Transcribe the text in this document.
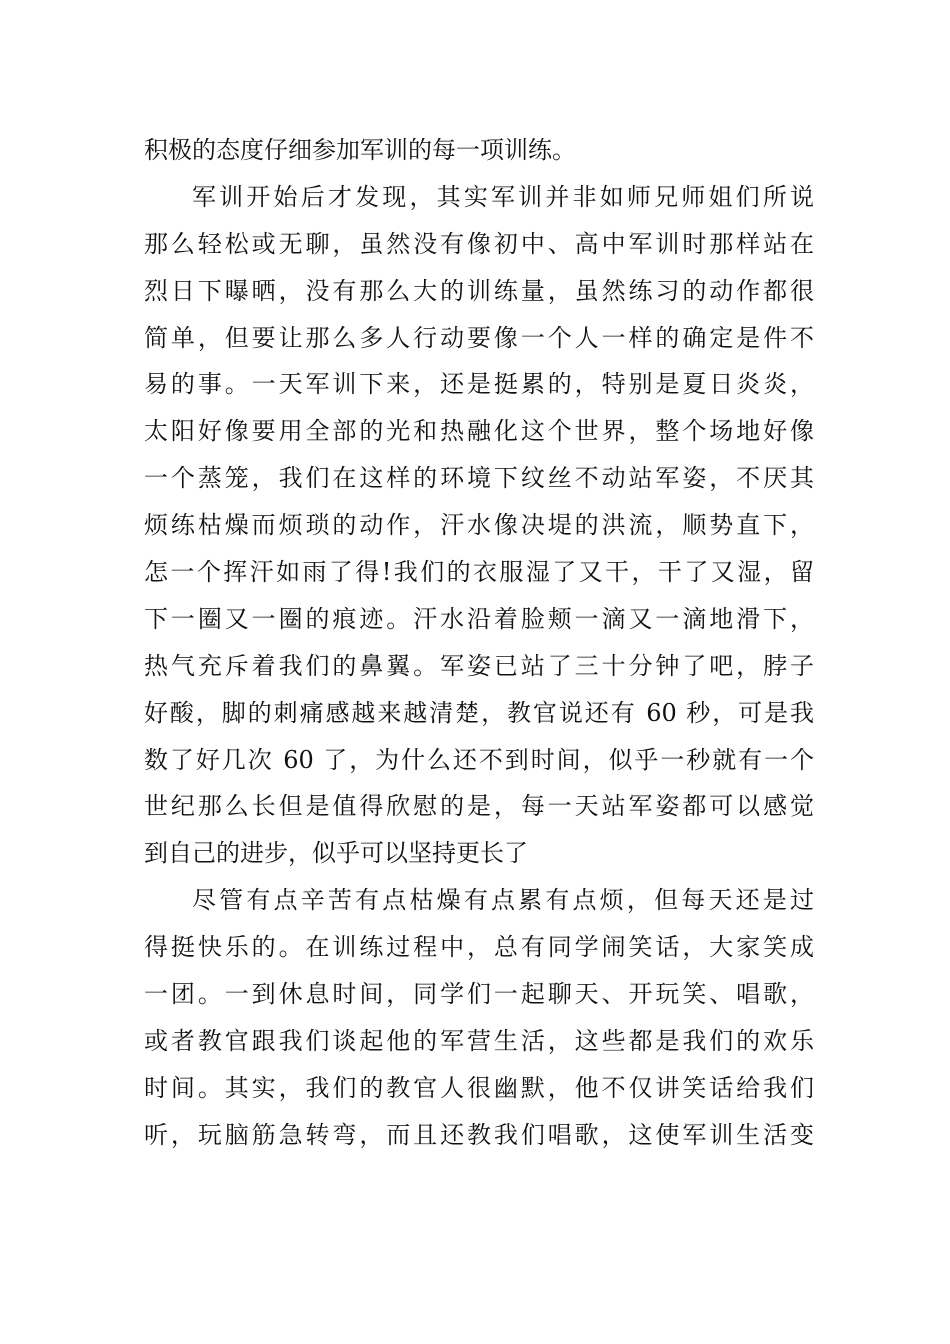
积极的态度仔细参加军训的每一项训练。
军训开始后才发现，其实军训并非如师兄师姐们所说
那么轻松或无聊，虽然没有像初中、高中军训时那样站在
烈日下曝晒，没有那么大的训练量，虽然练习的动作都很
简单，但要让那么多人行动要像一个人一样的确定是件不
易的事。一天军训下来，还是挺累的，特别是夏日炎炎，
太阳好像要用全部的光和热融化这个世界，整个场地好像
一个蒸笼，我们在这样的环境下纹丝不动站军姿，不厌其
烦练枯燥而烦琐的动作，汗水像决堤的洪流，顺势直下，
怎一个挥汗如雨了得!我们的衣服湿了又干，干了又湿，留
下一圈又一圈的痕迹。汗水沿着脸颊一滴又一滴地滑下，
热气充斥着我们的鼻翼。军姿已站了三十分钟了吧，脖子
好酸，脚的刺痛感越来越清楚，教官说还有 60 秒，可是我
数了好几次 60 了，为什么还不到时间，似乎一秒就有一个
世纪那么长但是值得欣慰的是，每一天站军姿都可以感觉
到自己的进步，似乎可以坚持更长了
尽管有点辛苦有点枯燥有点累有点烦，但每天还是过
得挺快乐的。在训练过程中，总有同学闹笑话，大家笑成
一团。一到休息时间，同学们一起聊天、开玩笑、唱歌，
或者教官跟我们谈起他的军营生活，这些都是我们的欢乐
时间。其实，我们的教官人很幽默，他不仅讲笑话给我们
听，玩脑筋急转弯，而且还教我们唱歌，这使军训生活变
